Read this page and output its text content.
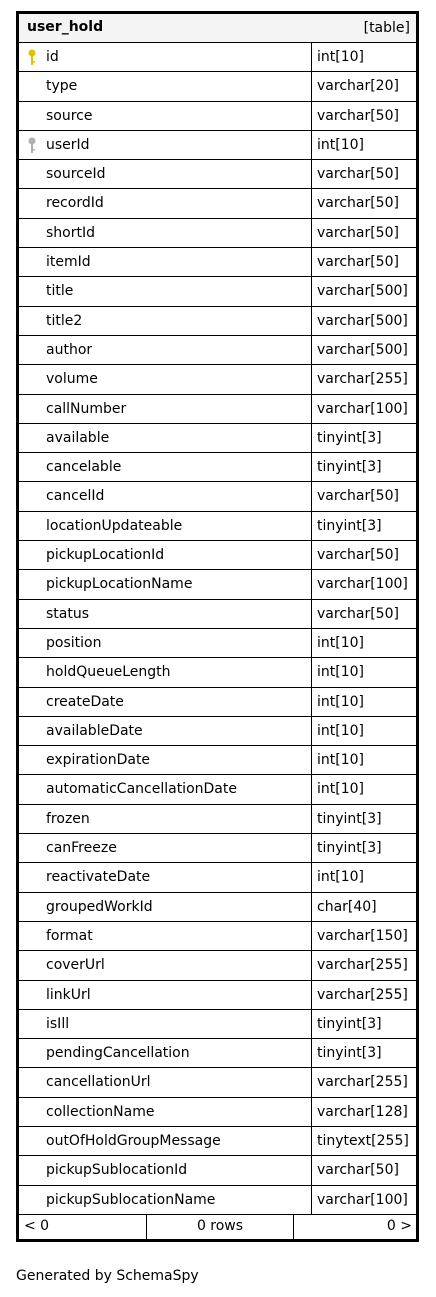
user_hold	[table]
id	int[10]
type	varchar[20]
source	varchar[50]
userId	int[10]
sourceId	varchar[50]
recordId	varchar[50]
shortId	varchar[50]
itemId	varchar[50]
title	varchar[500]
title2	varchar[500]
author	varchar[500]
volume	varchar[255]
callNumber	varchar[100]
available	tinyint[3]
cancelable	tinyint[3]
cancelId	varchar[50]
locationUpdateable	tinyint[3]
pickupLocationId	varchar[50]
pickupLocationName	varchar[100]
status	varchar[50]
position	int[10]
holdQueueLength	int[10]
createDate	int[10]
availableDate	int[10]
expirationDate	int[10]
automaticCancellationDate	int[10]
frozen	tinyint[3]
canFreeze	tinyint[3]
reactivateDate	int[10]
groupedWorkId	char[40]
format	varchar[150]
coverUrl	varchar[255]
linkUrl	varchar[255]
isIll	tinyint[3]
pendingCancellation	tinyint[3]
cancellationUrl	varchar[255]
collectionName	varchar[128]
outOfHoldGroupMessage	tinytext[255]
pickupSublocationId	varchar[50]
pickupSublocationName	varchar[100]
< 0	0 rows	0 >
Generated by SchemaSpy
